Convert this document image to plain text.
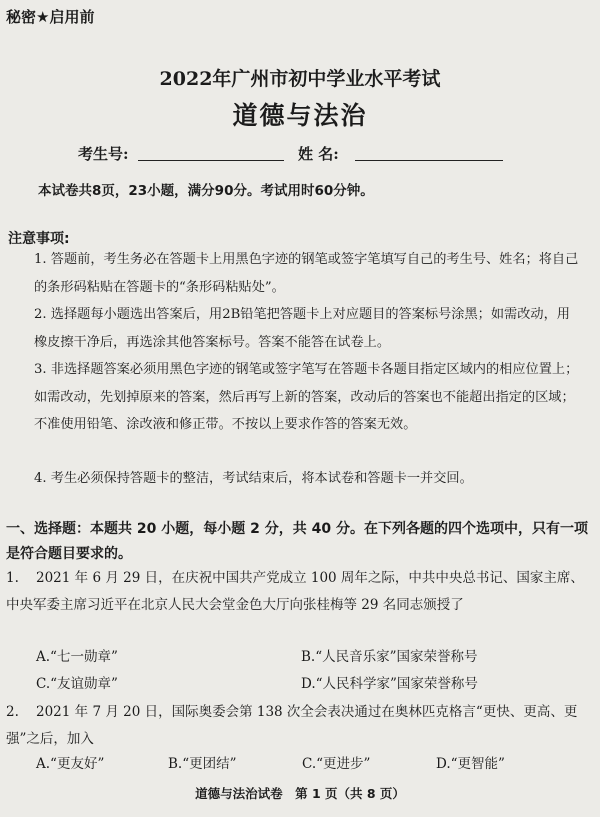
秘密★启用前
2022年广州市初中学业水平考试
道德与法治
考生号:	姓 名:
本试卷共8页，23小题，满分90分。考试用时60分钟。
注意事项:
1. 答题前，考生务必在答题卡上用黑色字迹的钢笔或签字笔填写自己的考生号、姓名；将自己的条形码粘贴在答题卡的“条形码粘贴处”。
2. 选择题每小题选出答案后，用2B铅笔把答题卡上对应题目的答案标号涂黑；如需改动，用橡皮擦干净后，再选涂其他答案标号。答案不能答在试卷上。
3. 非选择题答案必须用黑色字迹的钢笔或签字笔写在答题卡各题目指定区域内的相应位置上；如需改动，先划掉原来的答案，然后再写上新的答案，改动后的答案也不能超出指定的区域；不准使用铅笔、涂改液和修正带。不按以上要求作答的答案无效。
4. 考生必须保持答题卡的整洁，考试结束后，将本试卷和答题卡一并交回。
一、选择题：本题共 20 小题，每小题 2 分，共 40 分。在下列各题的四个选项中，只有一项是符合题目要求的。
1. 2021 年 6 月 29 日，在庆祝中国共产党成立 100 周年之际，中共中央总书记、国家主席、中央军委主席习近平在北京人民大会堂金色大厅向张桂梅等 29 名同志颁授了
A.“七一勋章”	B.“人民音乐家”国家荣誉称号
C.“友谊勋章”	D.“人民科学家”国家荣誉称号
2. 2021 年 7 月 20 日，国际奥委会第 138 次全会表决通过在奥林匹克格言“更快、更高、更强”之后，加入
A.“更友好”	B.“更团结”	C.“更进步”	D.“更智能”
道德与法治试卷　第 1 页（共 8 页）
